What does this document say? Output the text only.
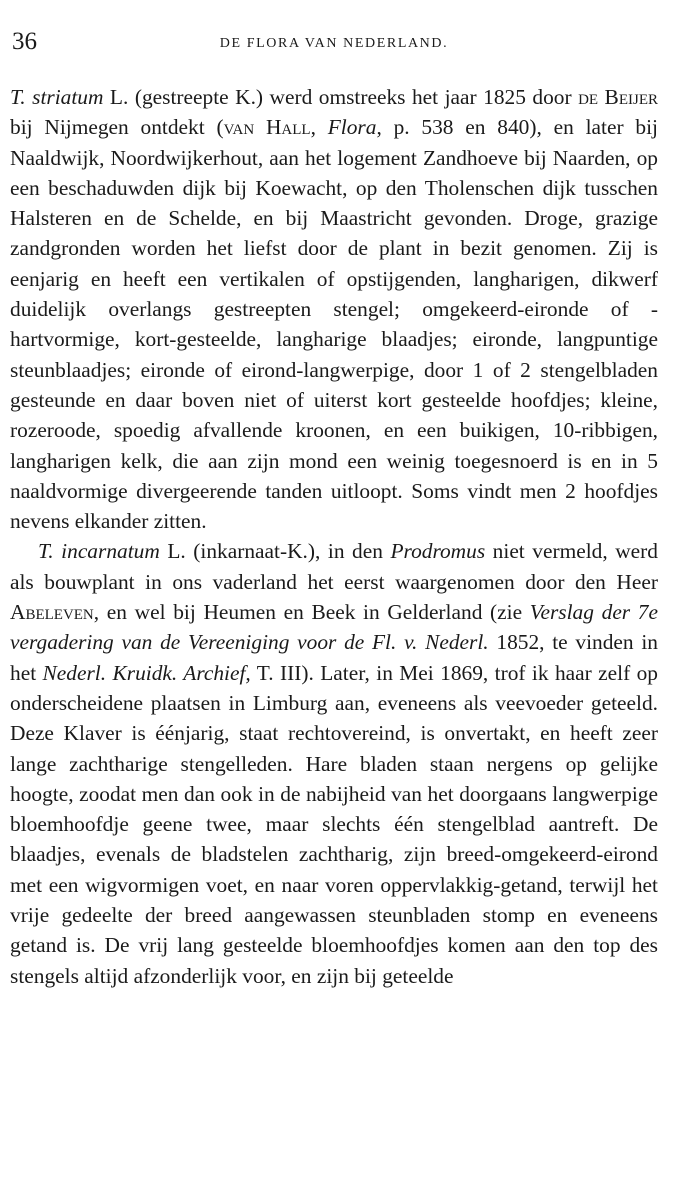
36	DE FLORA VAN NEDERLAND.

T. striatum L. (gestreepte K.) werd omstreeks het jaar 1825 door de Beijer bij Nijmegen ontdekt (van Hall, Flora, p. 538 en 840), en later bij Naaldwijk, Noordwijkerhout, aan het logement Zandhoeve bij Naarden, op een beschaduwden dijk bij Koewacht, op den Tholenschen dijk tusschen Halsteren en de Schelde, en bij Maastricht gevonden. Droge, grazige zandgronden worden het liefst door de plant in bezit genomen. Zij is eenjarig en heeft een vertikalen of opstijgenden, langharigen, dikwerf duidelijk overlangs gestreepten stengel; omgekeerd-eironde of -hartvormige, kort-gesteelde, langharige blaadjes; eironde, langpuntige steunblaadjes; eironde of eirond-langwerpige, door 1 of 2 stengelbladen gesteunde en daar boven niet of uiterst kort gesteelde hoofdjes; kleine, rozeroode, spoedig afvallende kroonen, en een buikigen, 10-ribbigen, langharigen kelk, die aan zijn mond een weinig toegesnoerd is en in 5 naaldvormige divergeerende tanden uitloopt. Soms vindt men 2 hoofdjes nevens elkander zitten.

T. incarnatum L. (inkarnaat-K.), in den Prodromus niet vermeld, werd als bouwplant in ons vaderland het eerst waargenomen door den Heer Abeleven, en wel bij Heumen en Beek in Gelderland (zie Verslag der 7e vergadering van de Vereeniging voor de Fl. v. Nederl. 1852, te vinden in het Nederl. Kruidk. Archief, T. III). Later, in Mei 1869, trof ik haar zelf op onderscheidene plaatsen in Limburg aan, eveneens als veevoeder geteeld. Deze Klaver is éénjarig, staat rechtovereind, is onvertakt, en heeft zeer lange zachtharige stengelleden. Hare bladen staan nergens op gelijke hoogte, zoodat men dan ook in de nabijheid van het doorgaans langwerpige bloemhoofdje geene twee, maar slechts één stengelblad aantreft. De blaadjes, evenals de bladstelen zachtharig, zijn breed-omgekeerd-eirond met een wigvormigen voet, en naar voren oppervlakkig-getand, terwijl het vrije gedeelte der breed aangewassen steunbladen stomp en eveneens getand is. De vrij lang gesteelde bloemhoofdjes komen aan den top des stengels altijd afzonderlijk voor, en zijn bij geteelde
